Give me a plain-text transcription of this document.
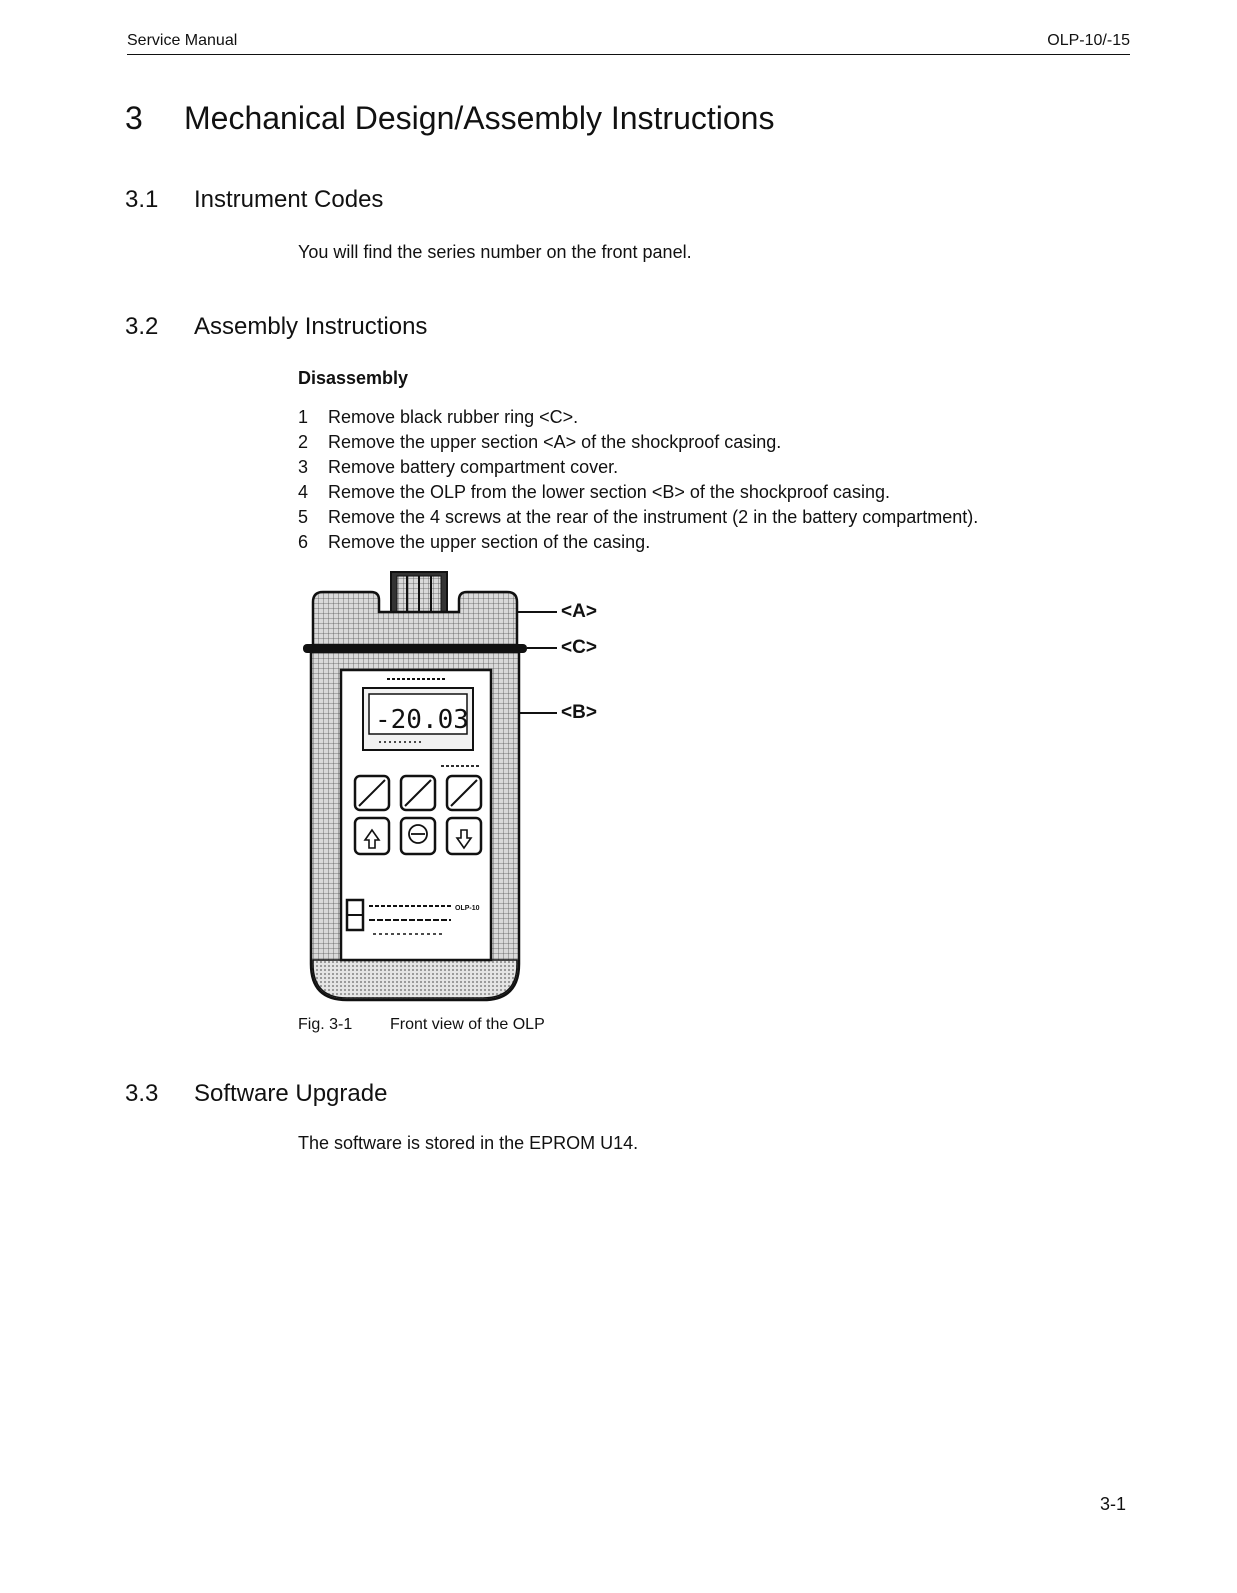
Service Manual	OLP-10/-15
3 Mechanical Design/Assembly Instructions
3.1 Instrument Codes
You will find the series number on the front panel.
3.2 Assembly Instructions
Disassembly
1 Remove black rubber ring <C>.
2 Remove the upper section <A> of the shockproof casing.
3 Remove battery compartment cover.
4 Remove the OLP from the lower section <B> of the shockproof casing.
5 Remove the 4 screws at the rear of the instrument (2 in the battery compartment).
6 Remove the upper section of the casing.
-20.03
OLP-10
<A>
<C>
<B>
Fig. 3-1 Front view of the OLP
3.3 Software Upgrade
The software is stored in the EPROM U14.
3-1
